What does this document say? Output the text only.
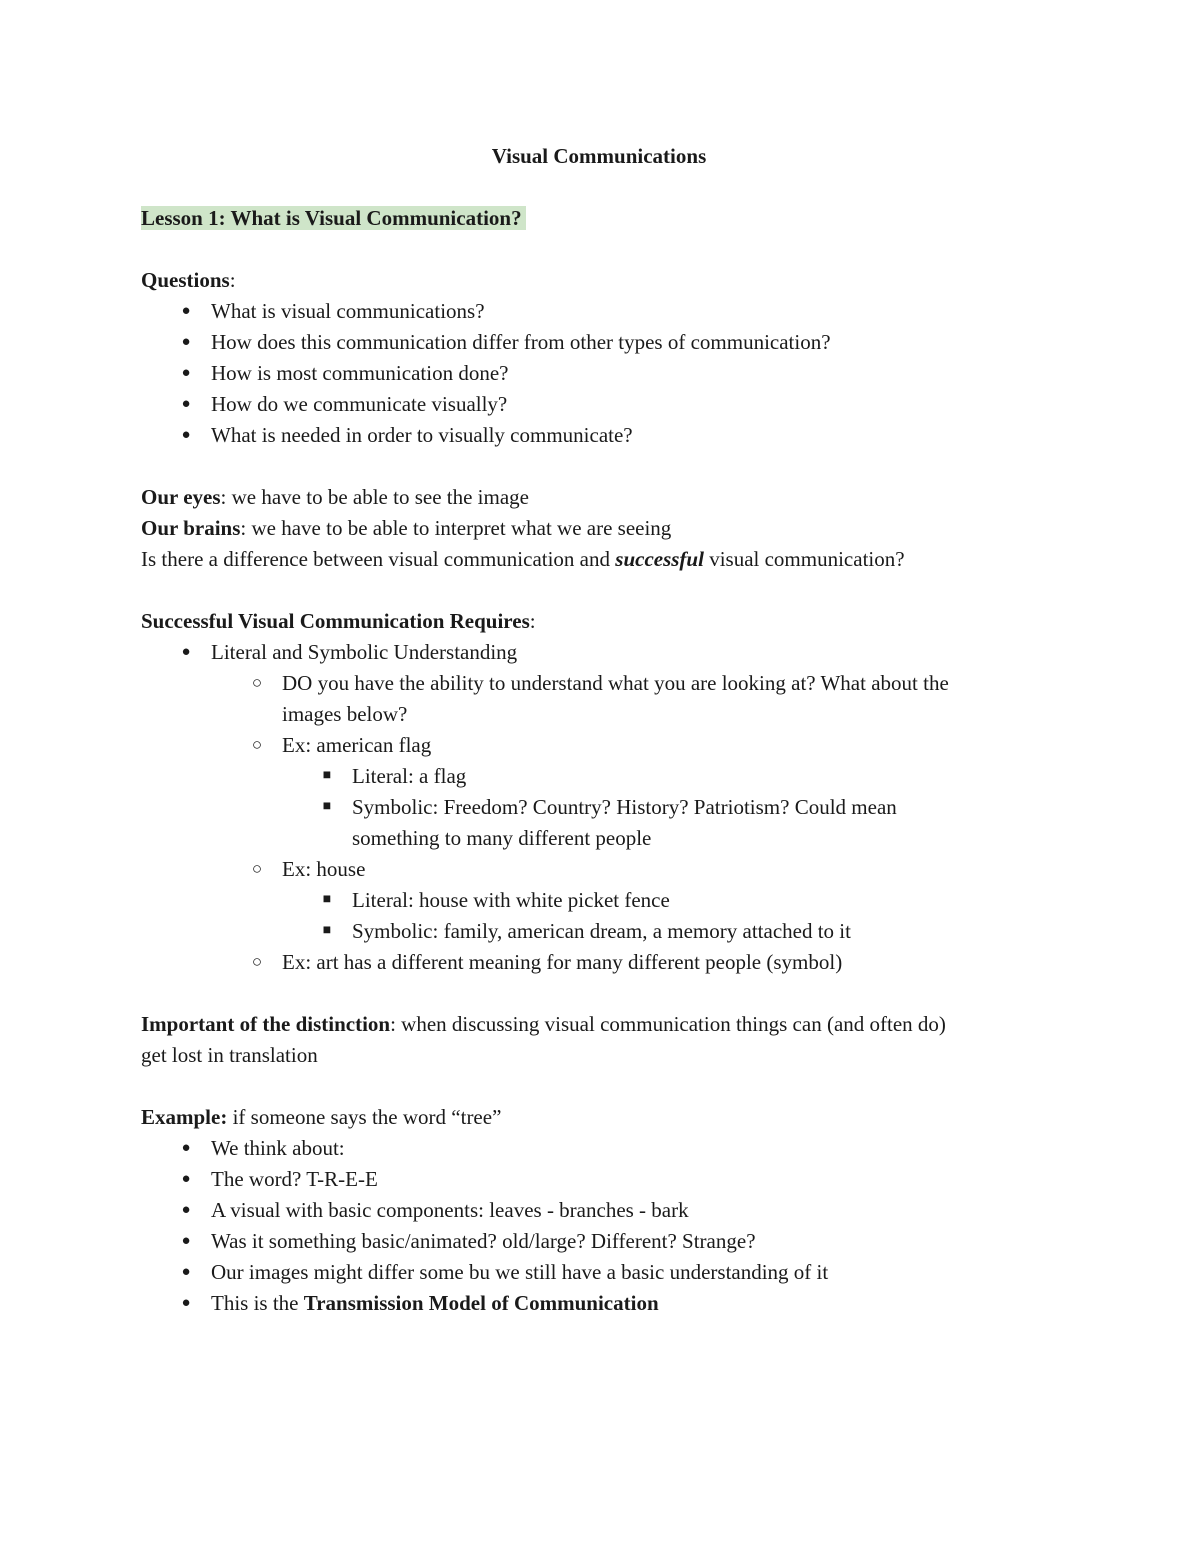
Visual Communications
Lesson 1: What is Visual Communication?
Questions:
● What is visual communications?
● How does this communication differ from other types of communication?
● How is most communication done?
● How do we communicate visually?
● What is needed in order to visually communicate?
Our eyes: we have to be able to see the image
Our brains: we have to be able to interpret what we are seeing
Is there a difference between visual communication and successful visual communication?
Successful Visual Communication Requires:
● Literal and Symbolic Understanding
○ DO you have the ability to understand what you are looking at? What about the
images below?
○ Ex: american flag
■ Literal: a flag
■ Symbolic: Freedom? Country? History? Patriotism? Could mean
something to many different people
○ Ex: house
■ Literal: house with white picket fence
■ Symbolic: family, american dream, a memory attached to it
○ Ex: art has a different meaning for many different people (symbol)
Important of the distinction: when discussing visual communication things can (and often do)
get lost in translation
Example: if someone says the word “tree”
● We think about:
● The word? T-R-E-E
● A visual with basic components: leaves - branches - bark
● Was it something basic/animated? old/large? Different? Strange?
● Our images might differ some bu we still have a basic understanding of it
● This is the Transmission Model of Communication
